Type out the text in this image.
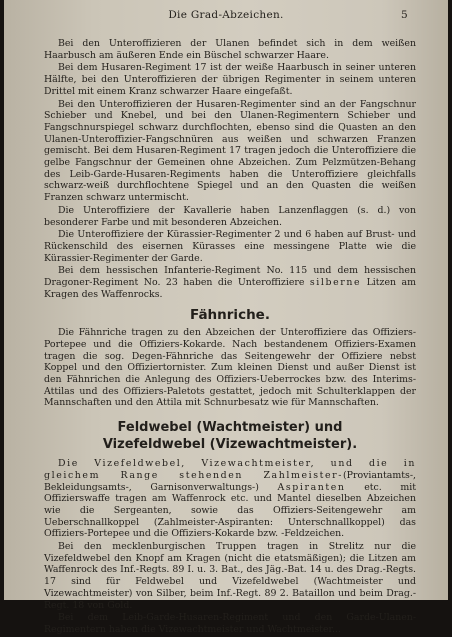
Die Grad-Abzeichen.	5

Bei den Unteroffizieren der Ulanen befindet sich in dem weißen Haarbusch am äußeren Ende ein Büschel schwarzer Haare.

Bei dem Husaren-Regiment 17 ist der weiße Haarbusch in seiner unteren Hälfte, bei den Unteroffizieren der übrigen Regimenter in seinem unteren Drittel mit einem Kranz schwarzer Haare eingefaßt.

Bei den Unteroffizieren der Husaren-Regimenter sind an der Fangschnur Schieber und Knebel, und bei den Ulanen-Regimentern Schieber und Fangschnurspiegel schwarz durchflochten, ebenso sind die Quasten an den Ulanen-Unteroffizier-Fangschnüren aus weißen und schwarzen Franzen gemischt. Bei dem Husaren-Regiment 17 tragen jedoch die Unteroffiziere die gelbe Fangschnur der Gemeinen ohne Abzeichen. Zum Pelzmützen-Behang des Leib-Garde-Husaren-Regiments haben die Unteroffiziere gleichfalls schwarz-weiß durchflochtene Spiegel und an den Quasten die weißen Franzen schwarz untermischt.

Die Unteroffiziere der Kavallerie haben Lanzenflaggen (s. d.) von besonderer Farbe und mit besonderen Abzeichen.

Die Unteroffiziere der Kürassier-Regimenter 2 und 6 haben auf Brust- und Rückenschild des eisernen Kürasses eine messingene Platte wie die Kürassier-Regimenter der Garde.

Bei dem hessischen Infanterie-Regiment No. 115 und dem hessischen Dragoner-Regiment No. 23 haben die Unteroffiziere silberne Litzen am Kragen des Waffenrocks.

Fähnriche.

Die Fähnriche tragen zu den Abzeichen der Unteroffiziere das Offiziers-Portepee und die Offiziers-Kokarde. Nach bestandenem Offiziers-Examen tragen die sog. Degen-Fähnriche das Seitengewehr der Offiziere nebst Koppel und den Offiziertornister. Zum kleinen Dienst und außer Dienst ist den Fähnrichen die Anlegung des Offiziers-Ueberrockes bzw. des Interims-Attilas und des Offiziers-Paletots gestattet, jedoch mit Schulterklappen der Mannschaften und den Attila mit Schnurbesatz wie für Mannschaften.

Feldwebel (Wachtmeister) und
Vizefeldwebel (Vizewachtmeister).

Die Vizefeldwebel, Vizewachtmeister, und die in gleichem Range stehenden Zahlmeister-(Proviantamts-, Bekleidungsamts-, Garnisonverwaltungs-) Aspiranten etc. mit Offizierswaffe tragen am Waffenrock etc. und Mantel dieselben Abzeichen wie die Sergeanten, sowie das Offiziers-Seitengewehr am Ueberschnallkoppel (Zahlmeister-Aspiranten: Unterschnallkoppel) das Offiziers-Portepee und die Offiziers-Kokarde bzw. -Feldzeichen.

Bei den mecklenburgischen Truppen tragen in Strelitz nur die Vizefeldwebel den Knopf am Kragen (nicht die etatsmäßigen); die Litzen am Waffenrock des Inf.-Regts. 89 I. u. 3. Bat., des Jäg.-Bat. 14 u. des Drag.-Regts. 17 sind für Feldwebel und Vizefeldwebel (Wachtmeister und Vizewachtmeister) von Silber, beim Inf.-Regt. 89 2. Bataillon und beim Drag.-Regt. 18 von Gold.

Bei dem Leib-Garde-Husaren-Regiment und den Garde-Ulanen-Regimentern haben die Vizewachtmeister und Wachtmeister...
